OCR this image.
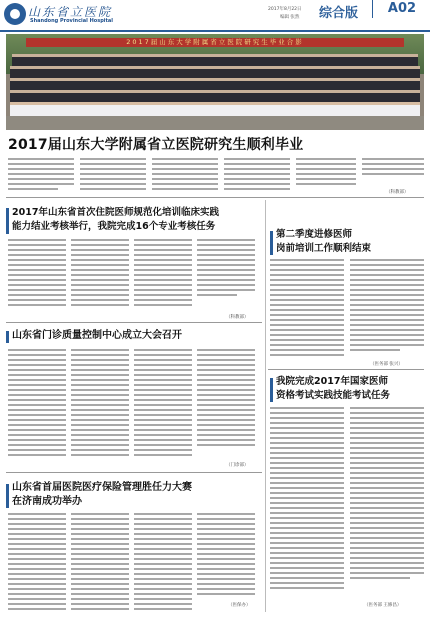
山东省立医院
Shandong Provincial Hospital
2017年8月22日
编辑 张然 综合版	A02
2017届山东大学附属省立医院研究生毕业合影
2017届山东大学附属省立医院研究生顺利毕业
（科教部）
2017年山东省首次住院医师规范化培训临床实践
能力结业考核举行，我院完成16个专业考核任务
（科教部）
山东省门诊质量控制中心成立大会召开
（门诊部）
山东省首届医院医疗保险管理胜任力大赛
在济南成功举办
（医保办）
第二季度进修医师
岗前培训工作顺利结束
（医务部 张兴）
我院完成2017年国家医师
资格考试实践技能考试任务
（医务部 王修昌）
